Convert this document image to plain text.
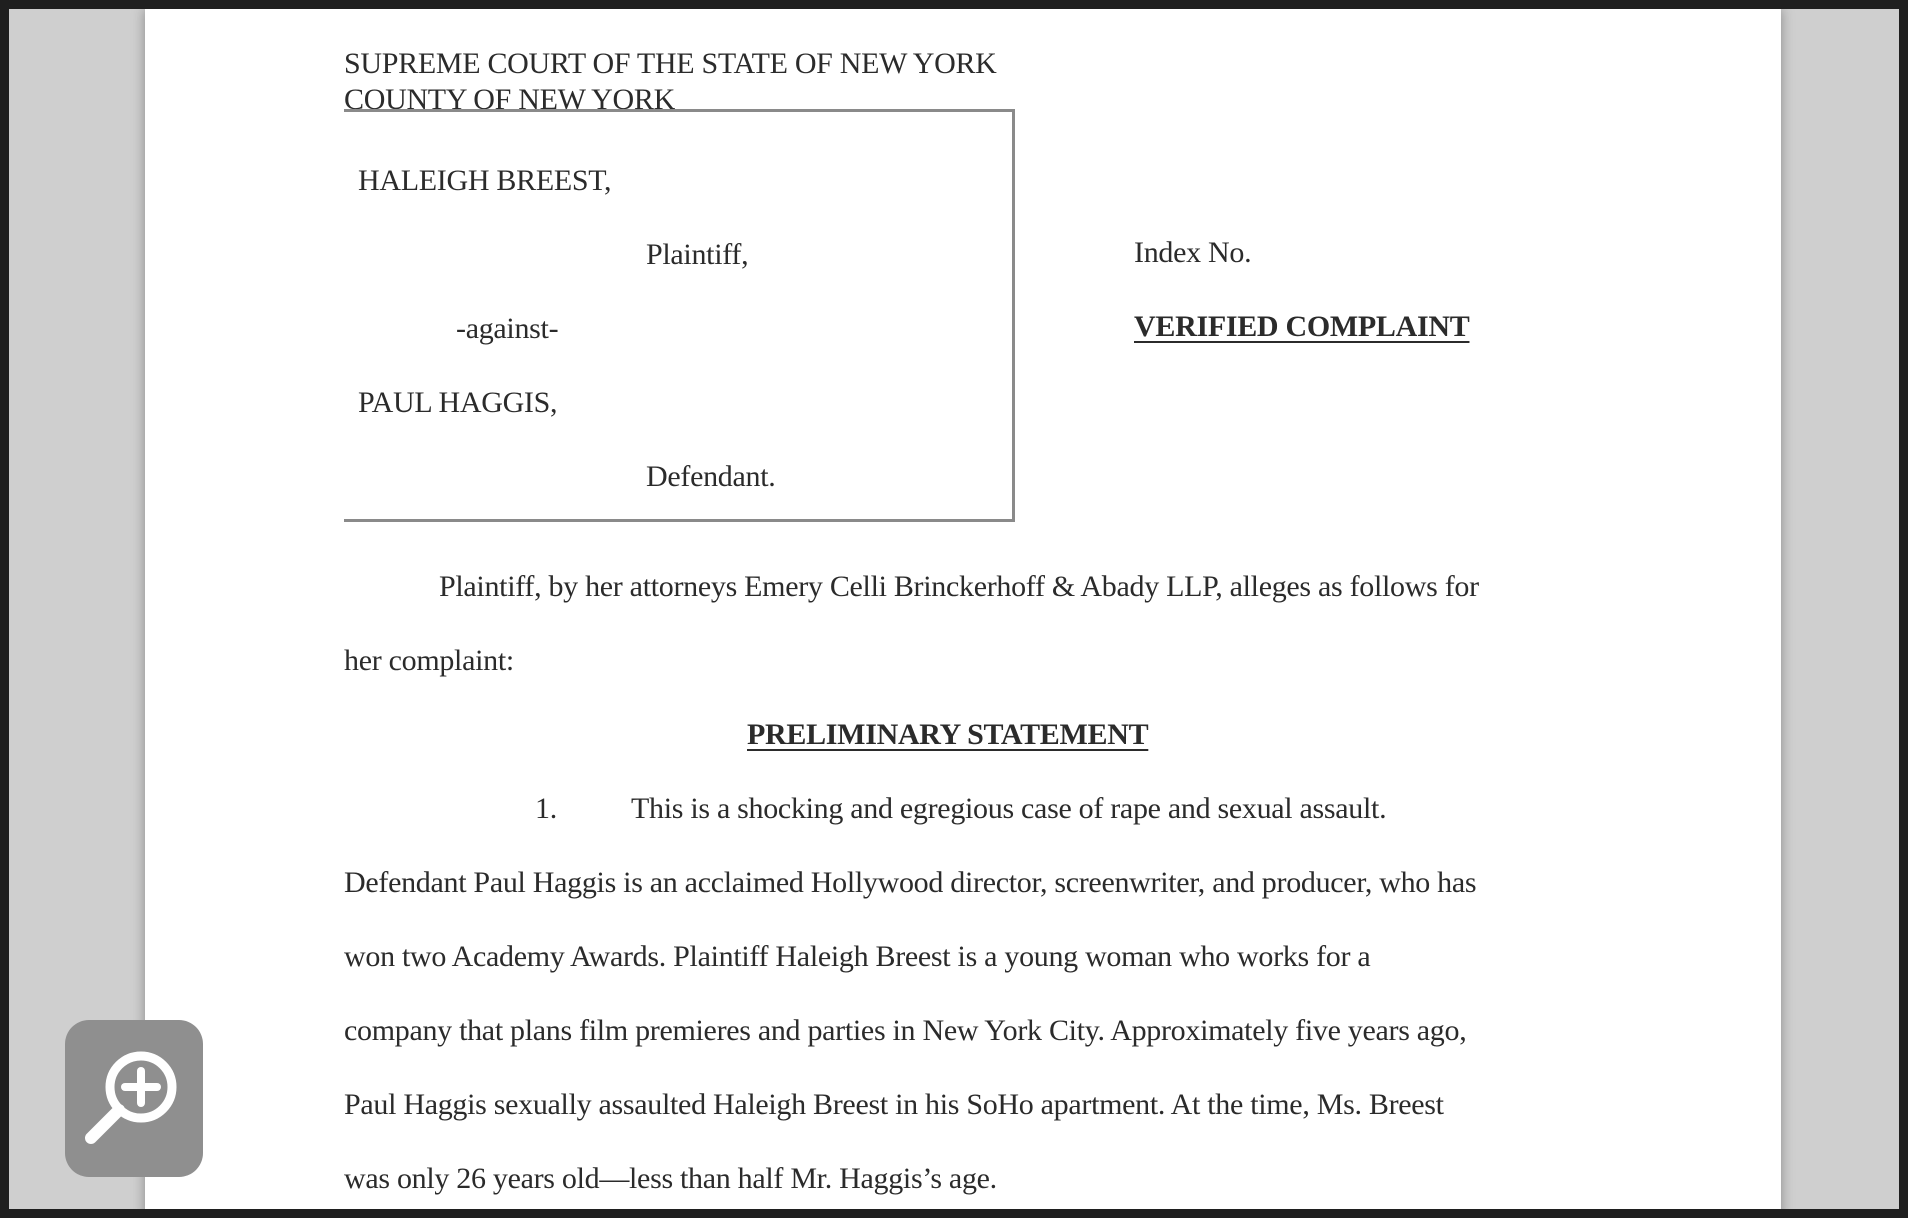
SUPREME COURT OF THE STATE OF NEW YORK
COUNTY OF NEW YORK
HALEIGH BREEST,
Plaintiff,
-against-
PAUL HAGGIS,
Defendant.
Index No.
VERIFIED COMPLAINT
Plaintiff, by her attorneys Emery Celli Brinckerhoff & Abady LLP, alleges as follows for
her complaint:
PRELIMINARY STATEMENT
1. This is a shocking and egregious case of rape and sexual assault.
Defendant Paul Haggis is an acclaimed Hollywood director, screenwriter, and producer, who has
won two Academy Awards. Plaintiff Haleigh Breest is a young woman who works for a
company that plans film premieres and parties in New York City. Approximately five years ago,
Paul Haggis sexually assaulted Haleigh Breest in his SoHo apartment. At the time, Ms. Breest
was only 26 years old—less than half Mr. Haggis’s age.
